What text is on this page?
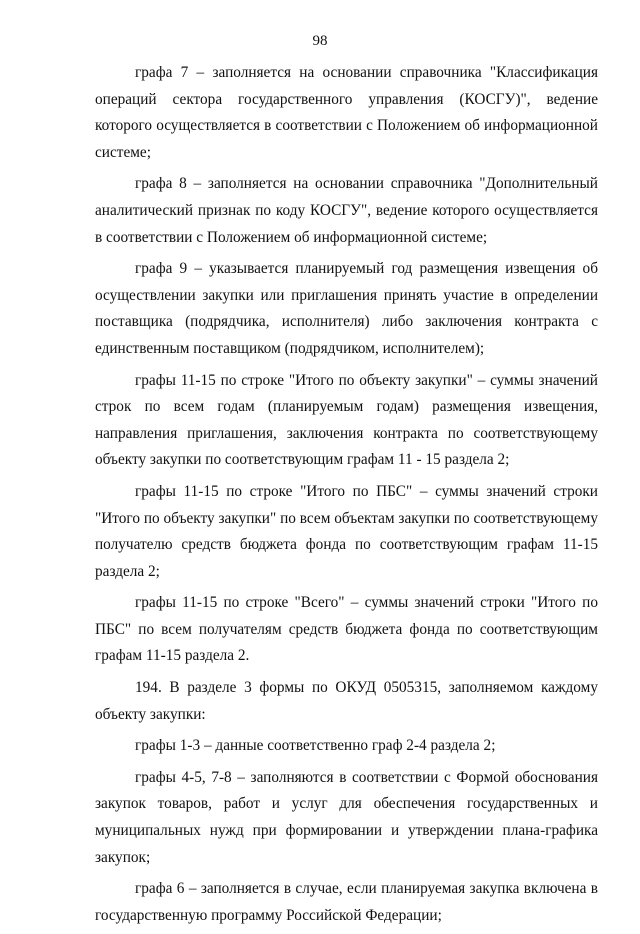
98

графа 7 – заполняется на основании справочника "Классификация операций сектора государственного управления (КОСГУ)", ведение которого осуществляется в соответствии с Положением об информационной системе;

графа 8 – заполняется на основании справочника "Дополнительный аналитический признак по коду КОСГУ", ведение которого осуществляется в соответствии с Положением об информационной системе;

графа 9 – указывается планируемый год размещения извещения об осуществлении закупки или приглашения принять участие в определении поставщика (подрядчика, исполнителя) либо заключения контракта с единственным поставщиком (подрядчиком, исполнителем);

графы 11-15 по строке "Итого по объекту закупки" – суммы значений строк по всем годам (планируемым годам) размещения извещения, направления приглашения, заключения контракта по соответствующему объекту закупки по соответствующим графам 11 - 15 раздела 2;

графы 11-15 по строке "Итого по ПБС" – суммы значений строки "Итого по объекту закупки" по всем объектам закупки по соответствующему получателю средств бюджета фонда по соответствующим графам 11-15 раздела 2;

графы 11-15 по строке "Всего" – суммы значений строки "Итого по ПБС" по всем получателям средств бюджета фонда по соответствующим графам 11-15 раздела 2.

194. В разделе 3 формы по ОКУД 0505315, заполняемом каждому объекту закупки:

графы 1-3 – данные соответственно граф 2-4 раздела 2;

графы 4-5, 7-8 – заполняются в соответствии с Формой обоснования закупок товаров, работ и услуг для обеспечения государственных и муниципальных нужд при формировании и утверждении плана-графика закупок;

графа 6 – заполняется в случае, если планируемая закупка включена в государственную программу Российской Федерации;
